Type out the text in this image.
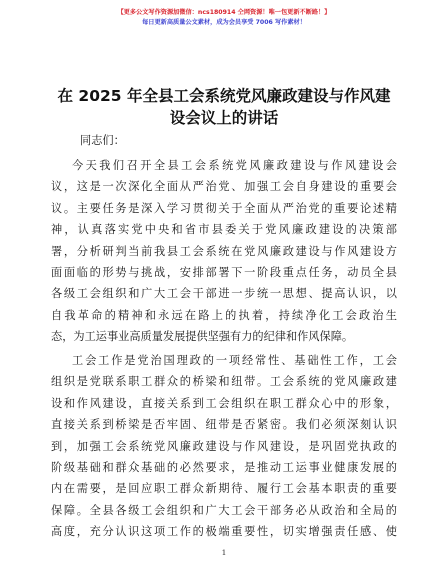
【更多公文写作资源加微信：ncs180914 仝网资源！唯一包更新不断路！】
每日更新高质量公文素材，成为会员享受 7006 写作素材！
在 2025 年全县工会系统党风廉政建设与作风建
设会议上的讲话
同志们：
今天我们召开全县工会系统党风廉政建设与作风建设会
议，这是一次深化全面从严治党、加强工会自身建设的重要会
议。主要任务是深入学习贯彻关于全面从严治党的重要论述精
神，认真落实党中央和省市县委关于党风廉政建设的决策部
署，分析研判当前我县工会系统在党风廉政建设与作风建设方
面面临的形势与挑战，安排部署下一阶段重点任务，动员全县
各级工会组织和广大工会干部进一步统一思想、提高认识，以
自我革命的精神和永远在路上的执着，持续净化工会政治生
态，为工运事业高质量发展提供坚强有力的纪律和作风保障。
工会工作是党治国理政的一项经常性、基础性工作，工会
组织是党联系职工群众的桥梁和纽带。工会系统的党风廉政建
设和作风建设，直接关系到工会组织在职工群众心中的形象，
直接关系到桥梁是否牢固、纽带是否紧密。我们必须深刻认识
到，加强工会系统党风廉政建设与作风建设，是巩固党执政的
阶级基础和群众基础的必然要求，是推动工运事业健康发展的
内在需要，是回应职工群众新期待、履行工会基本职责的重要
保障。全县各级工会组织和广大工会干部务必从政治和全局的
高度，充分认识这项工作的极端重要性，切实增强责任感、使
1
